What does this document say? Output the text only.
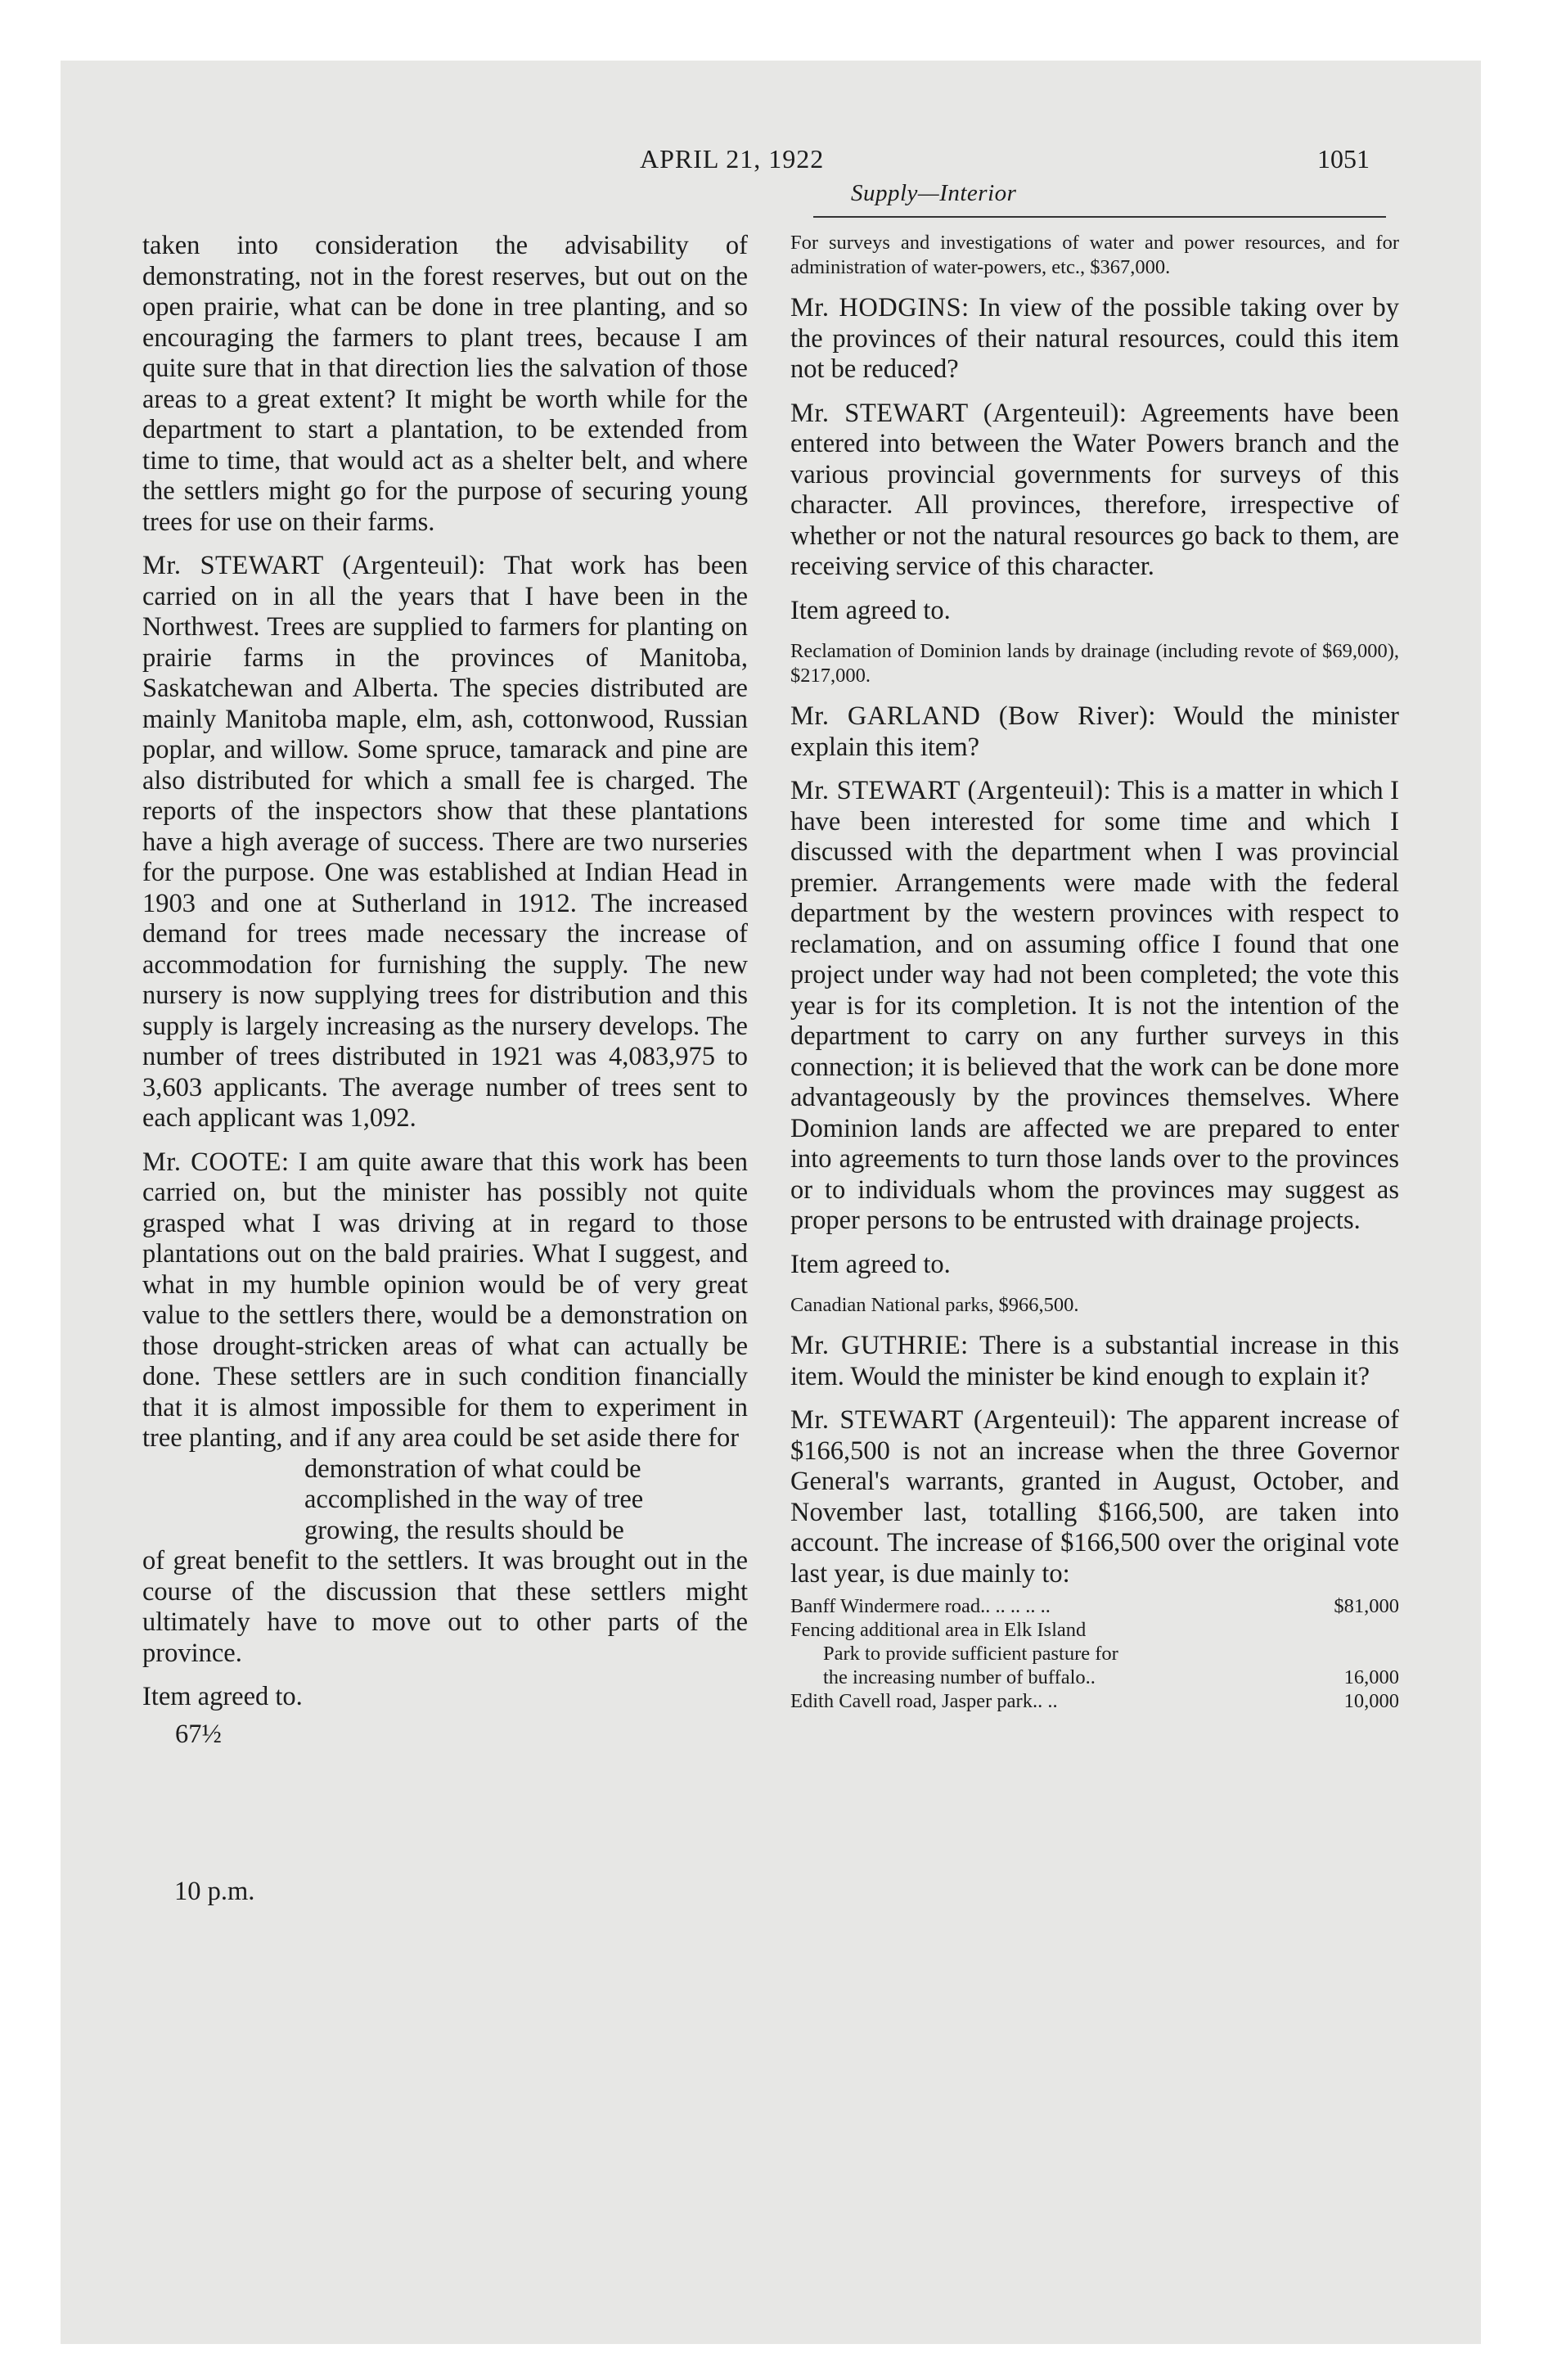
APRIL 21, 1922	1051
Supply—Interior

taken into consideration the advisability of demonstrating, not in the forest reserves, but out on the open prairie, what can be done in tree planting, and so encouraging the farmers to plant trees, because I am quite sure that in that direction lies the salvation of those areas to a great extent? It might be worth while for the department to start a plantation, to be extended from time to time, that would act as a shelter belt, and where the settlers might go for the purpose of securing young trees for use on their farms.

Mr. STEWART (Argenteuil): That work has been carried on in all the years that I have been in the Northwest. Trees are supplied to farmers for planting on prairie farms in the provinces of Manitoba, Saskatchewan and Alberta. The species distributed are mainly Manitoba maple, elm, ash, cottonwood, Russian poplar, and willow. Some spruce, tamarack and pine are also distributed for which a small fee is charged. The reports of the inspectors show that these plantations have a high average of success. There are two nurseries for the purpose. One was established at Indian Head in 1903 and one at Sutherland in 1912. The increased demand for trees made necessary the increase of accommodation for furnishing the supply. The new nursery is now supplying trees for distribution and this supply is largely increasing as the nursery develops. The number of trees distributed in 1921 was 4,083,975 to 3,603 applicants. The average number of trees sent to each applicant was 1,092.

Mr. COOTE: I am quite aware that this work has been carried on, but the minister has possibly not quite grasped what I was driving at in regard to those plantations out on the bald prairies. What I suggest, and what in my humble opinion would be of very great value to the settlers there, would be a demonstration on those drought-stricken areas of what can actually be done. These settlers are in such condition financially that it is almost impossible for them to experiment in tree planting, and if any area could be set aside there for

demonstration of what could be
accomplished in the way of tree
growing, the results should be

of great benefit to the settlers. It was brought out in the course of the discussion that these settlers might ultimately have to move out to other parts of the province.

Item agreed to.

67½
10 p.m.

For surveys and investigations of water and power resources, and for administration of water-powers, etc., $367,000.

Mr. HODGINS: In view of the possible taking over by the provinces of their natural resources, could this item not be reduced?

Mr. STEWART (Argenteuil): Agreements have been entered into between the Water Powers branch and the various provincial governments for surveys of this character. All provinces, therefore, irrespective of whether or not the natural resources go back to them, are receiving service of this character.

Item agreed to.

Reclamation of Dominion lands by drainage (including revote of $69,000), $217,000.

Mr. GARLAND (Bow River): Would the minister explain this item?

Mr. STEWART (Argenteuil): This is a matter in which I have been interested for some time and which I discussed with the department when I was provincial premier. Arrangements were made with the federal department by the western provinces with respect to reclamation, and on assuming office I found that one project under way had not been completed; the vote this year is for its completion. It is not the intention of the department to carry on any further surveys in this connection; it is believed that the work can be done more advantageously by the provinces themselves. Where Dominion lands are affected we are prepared to enter into agreements to turn those lands over to the provinces or to individuals whom the provinces may suggest as proper persons to be entrusted with drainage projects.

Item agreed to.

Canadian National parks, $966,500.

Mr. GUTHRIE: There is a substantial increase in this item. Would the minister be kind enough to explain it?

Mr. STEWART (Argenteuil): The apparent increase of $166,500 is not an increase when the three Governor General's warrants, granted in August, October, and November last, totalling $166,500, are taken into account. The increase of $166,500 over the original vote last year, is due mainly to:

Banff Windermere road.. .. .. .. ..	$81,000
Fencing additional area in Elk Island
Park to provide sufficient pasture for
the increasing number of buffalo..	16,000
Edith Cavell road, Jasper park.. ..	10,000
